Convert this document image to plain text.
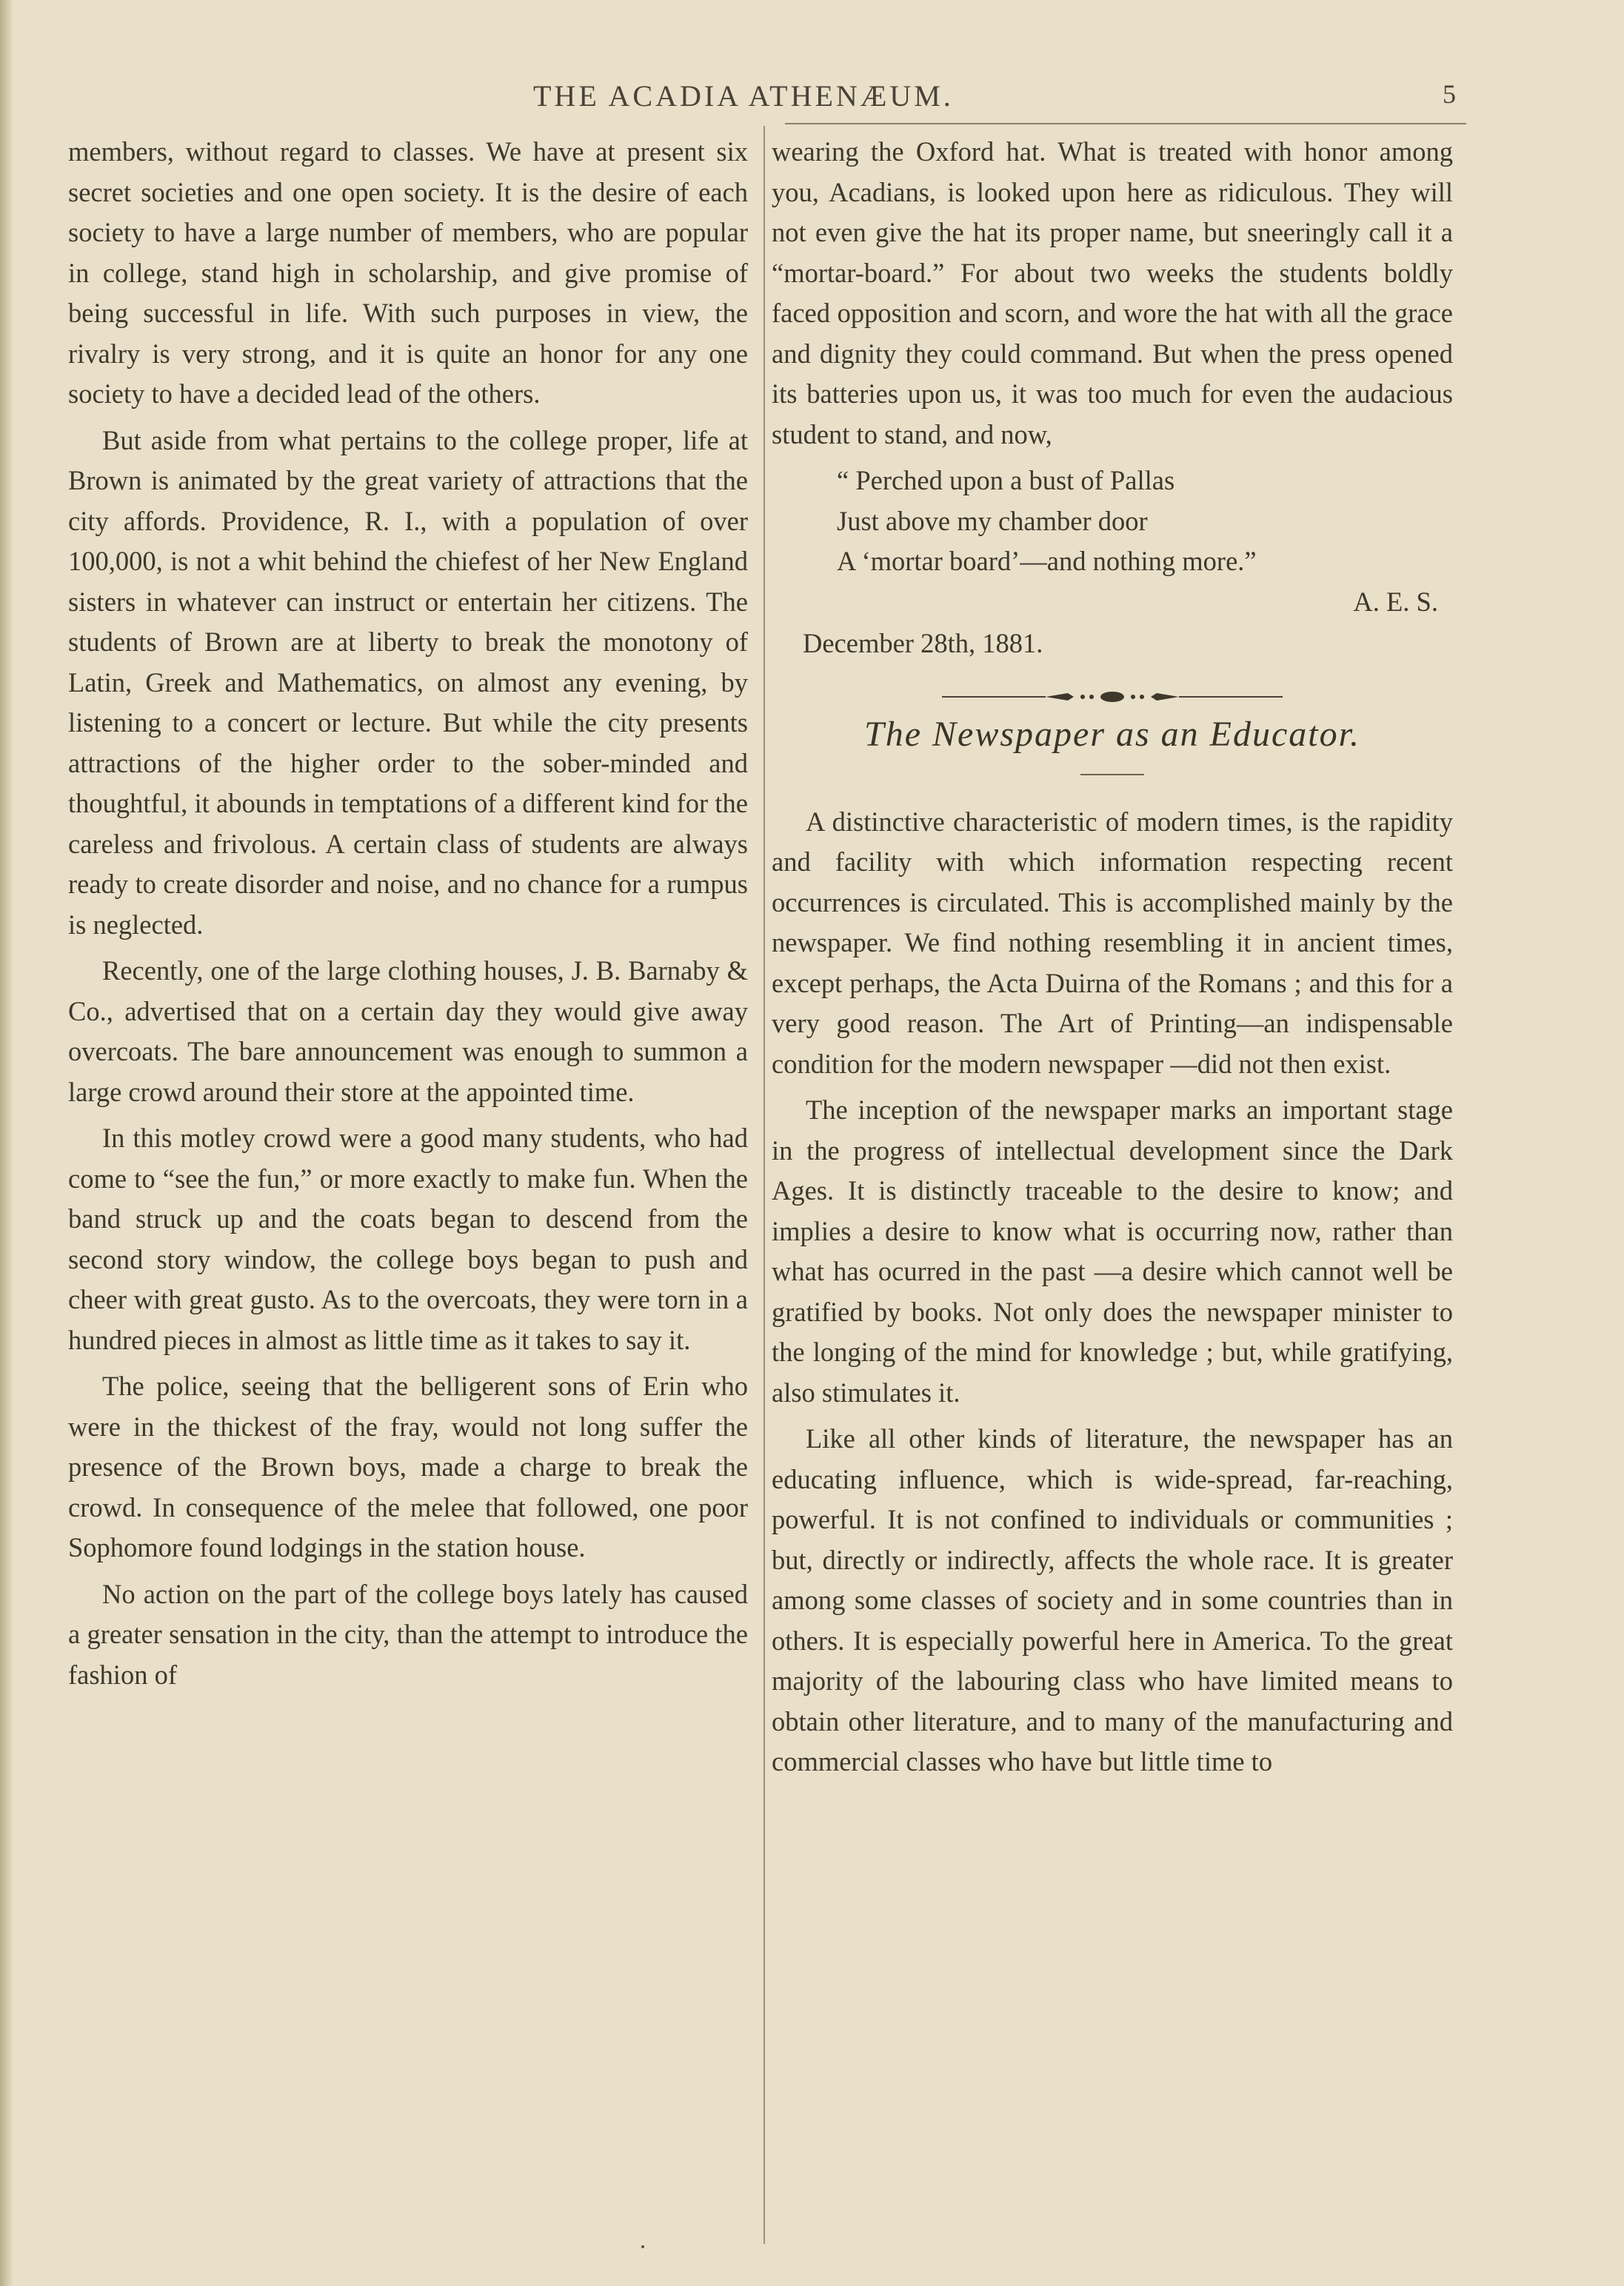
THE ACADIA ATHENÆUM.	5

members, without regard to classes. We have at present six secret societies and one open society. It is the desire of each society to have a large number of members, who are popular in college, stand high in scholarship, and give promise of being successful in life. With such purposes in view, the rivalry is very strong, and it is quite an honor for any one society to have a decided lead of the others.

But aside from what pertains to the college proper, life at Brown is animated by the great variety of attractions that the city affords. Providence, R. I., with a population of over 100,000, is not a whit behind the chiefest of her New England sisters in whatever can instruct or entertain her citizens. The students of Brown are at liberty to break the monotony of Latin, Greek and Mathematics, on almost any evening, by listening to a concert or lecture. But while the city presents attractions of the higher order to the sober-minded and thoughtful, it abounds in temptations of a different kind for the careless and frivolous. A certain class of students are always ready to create disorder and noise, and no chance for a rumpus is neglected.

Recently, one of the large clothing houses, J. B. Barnaby & Co., advertised that on a certain day they would give away overcoats. The bare announcement was enough to summon a large crowd around their store at the appointed time.

In this motley crowd were a good many students, who had come to “see the fun,” or more exactly to make fun. When the band struck up and the coats began to descend from the second story window, the college boys began to push and cheer with great gusto. As to the overcoats, they were torn in a hundred pieces in almost as little time as it takes to say it.

The police, seeing that the belligerent sons of Erin who were in the thickest of the fray, would not long suffer the presence of the Brown boys, made a charge to break the crowd. In consequence of the melee that followed, one poor Sophomore found lodgings in the station house.

No action on the part of the college boys lately has caused a greater sensation in the city, than the attempt to introduce the fashion of

wearing the Oxford hat. What is treated with honor among you, Acadians, is looked upon here as ridiculous. They will not even give the hat its proper name, but sneeringly call it a “mortar-board.” For about two weeks the students boldly faced opposition and scorn, and wore the hat with all the grace and dignity they could command. But when the press opened its batteries upon us, it was too much for even the audacious student to stand, and now,

“ Perched upon a bust of Pallas
Just above my chamber door
A ‘mortar board’—and nothing more.”

A. E. S.

December 28th, 1881.

The Newspaper as an Educator.

A distinctive characteristic of modern times, is the rapidity and facility with which information respecting recent occurrences is circulated. This is accomplished mainly by the newspaper. We find nothing resembling it in ancient times, except perhaps, the Acta Duirna of the Romans ; and this for a very good reason. The Art of Printing—an indispensable condition for the modern newspaper —did not then exist.

The inception of the newspaper marks an important stage in the progress of intellectual development since the Dark Ages. It is distinctly traceable to the desire to know; and implies a desire to know what is occurring now, rather than what has ocurred in the past —a desire which cannot well be gratified by books. Not only does the newspaper minister to the longing of the mind for knowledge ; but, while gratifying, also stimulates it.

Like all other kinds of literature, the newspaper has an educating influence, which is wide-spread, far-reaching, powerful. It is not confined to individuals or communities ; but, directly or indirectly, affects the whole race. It is greater among some classes of society and in some countries than in others. It is especially powerful here in America. To the great majority of the labouring class who have limited means to obtain other literature, and to many of the manufacturing and commercial classes who have but little time to
